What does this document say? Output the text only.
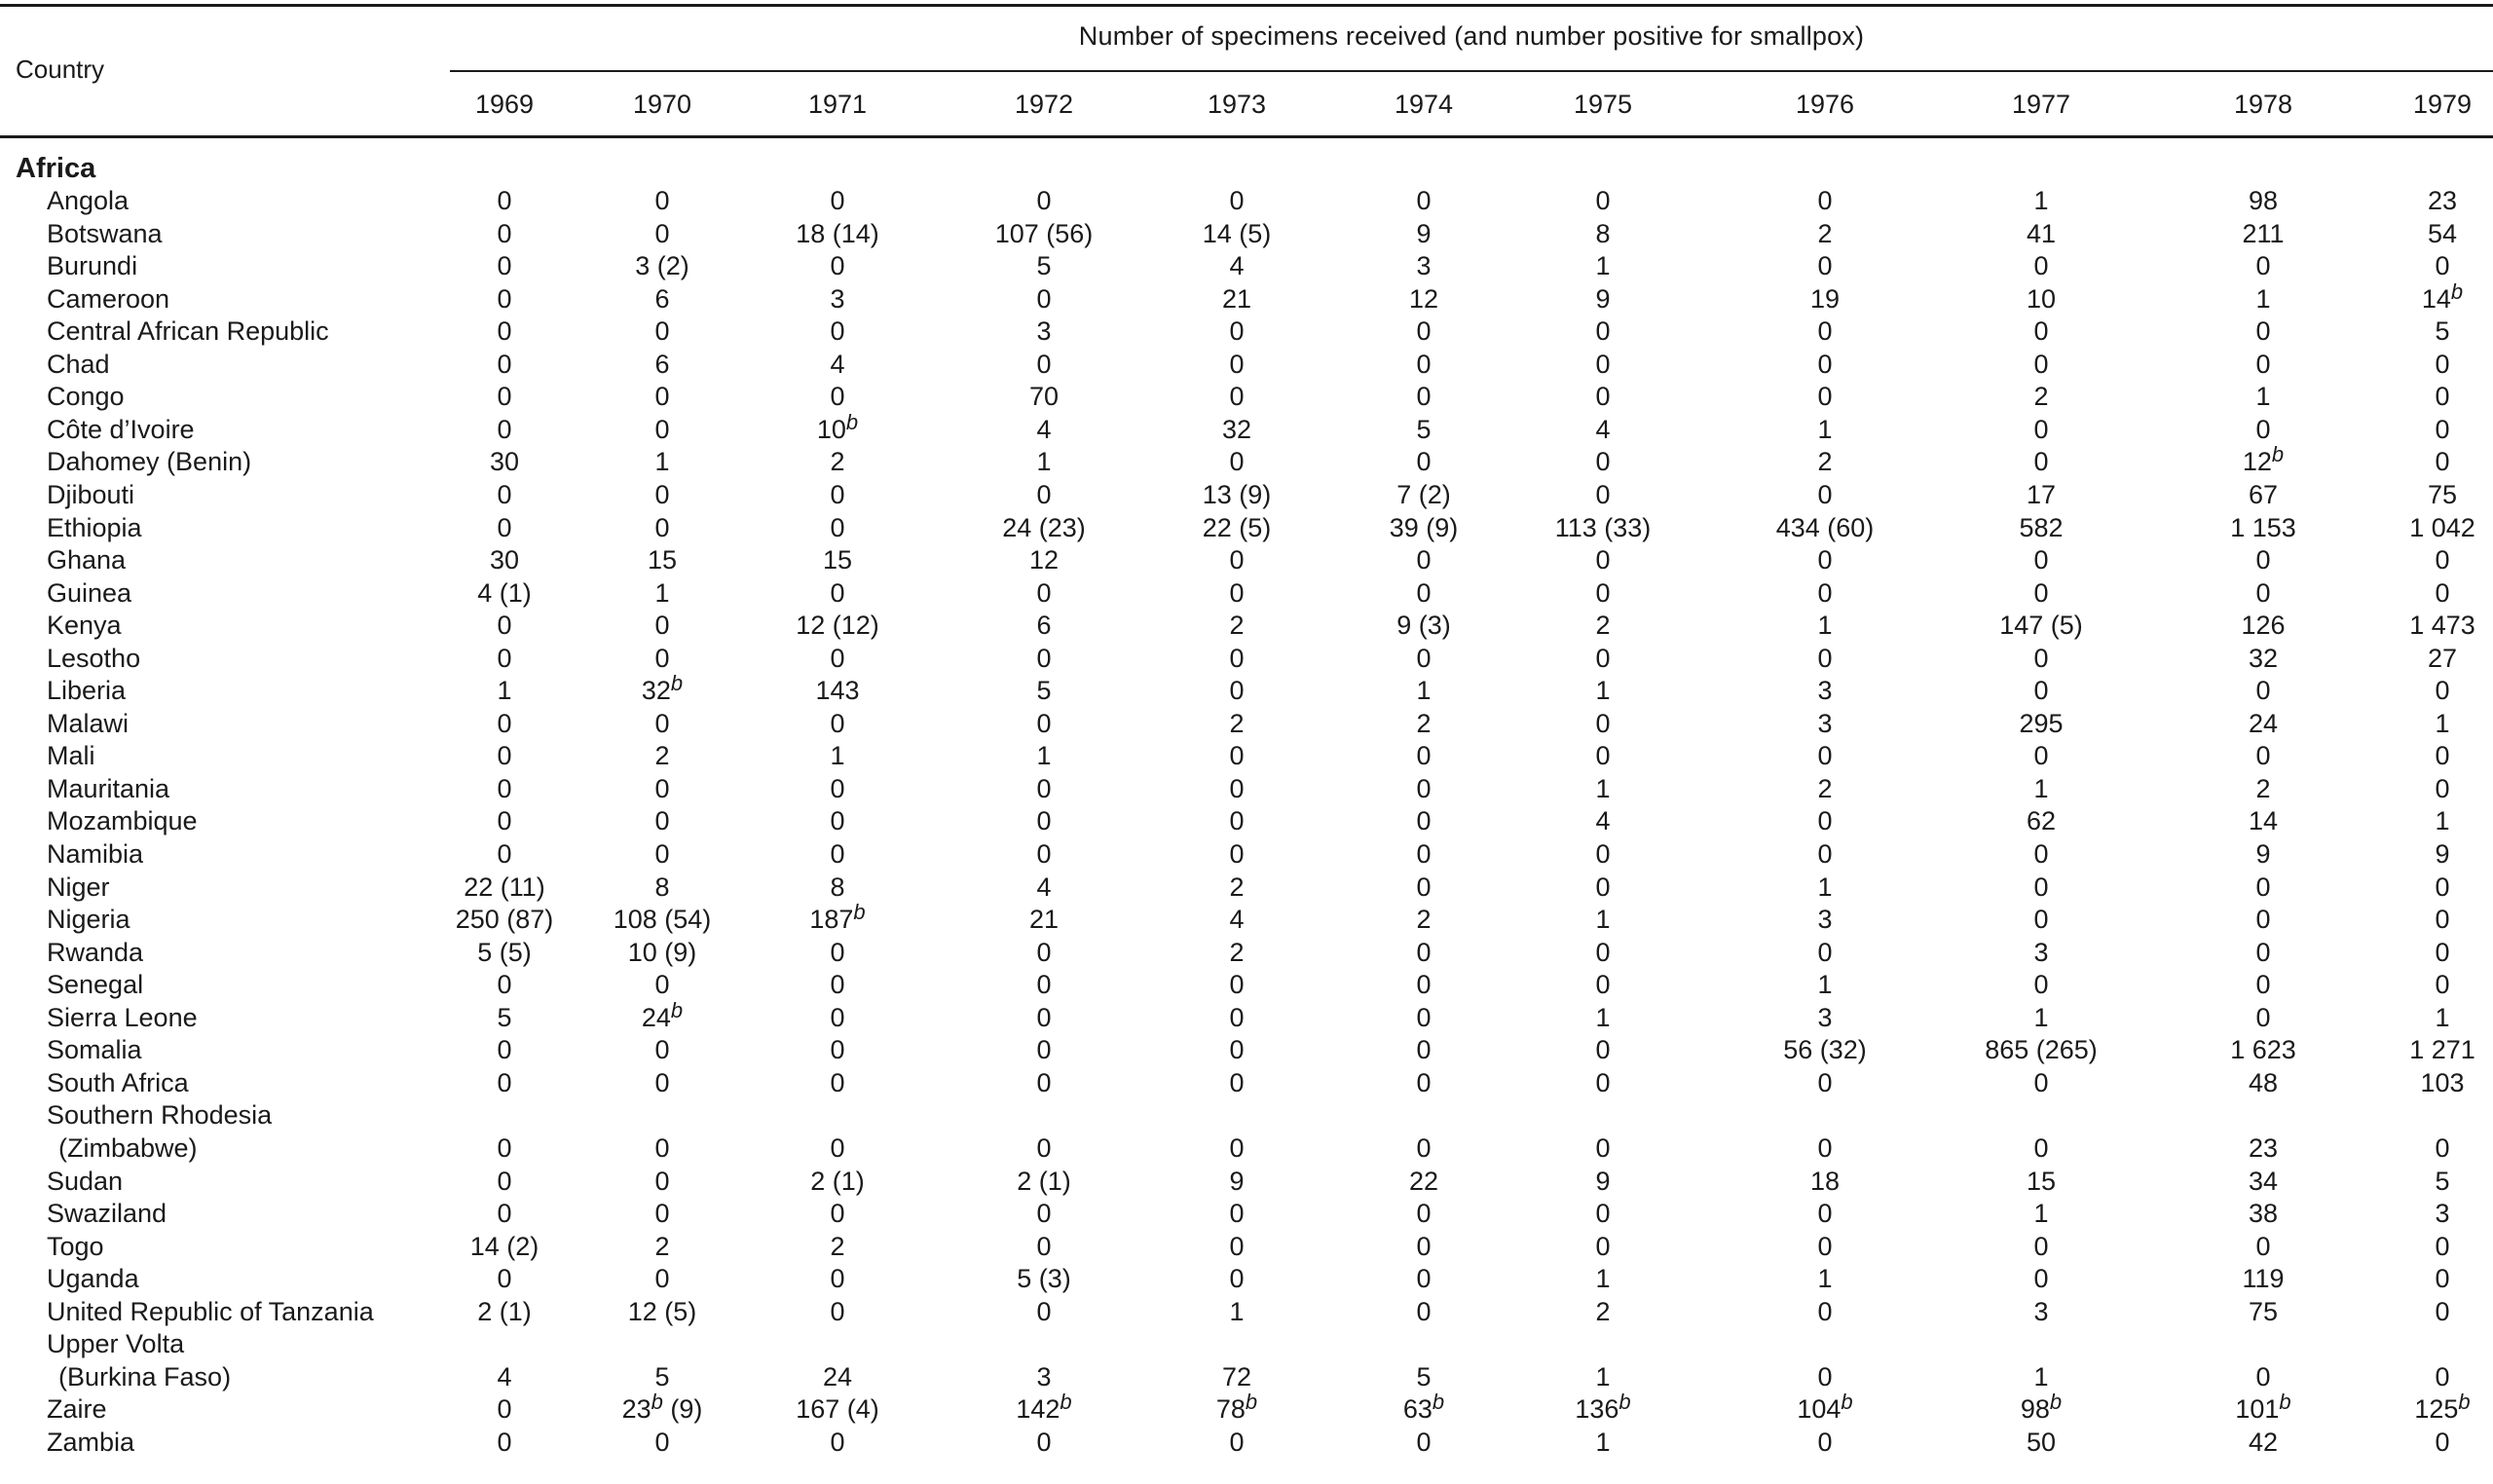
Country
Number of specimens received (and number positive for smallpox)
1969	1970	1971	1972	1973	1974	1975	1976	1977	1978	1979
Africa
Angola	0	0	0	0	0	0	0	0	1	98	23
Botswana	0	0	18 (14)	107 (56)	14 (5)	9	8	2	41	211	54
Burundi	0	3 (2)	0	5	4	3	1	0	0	0	0
Cameroon	0	6	3	0	21	12	9	19	10	1	14$^b$
Central African Republic	0	0	0	3	0	0	0	0	0	0	5
Chad	0	6	4	0	0	0	0	0	0	0	0
Congo	0	0	0	70	0	0	0	0	2	1	0
Côte d’Ivoire	0	0	10$^b$	4	32	5	4	1	0	0	0
Dahomey (Benin)	30	1	2	1	0	0	0	2	0	12$^b$	0
Djibouti	0	0	0	0	13 (9)	7 (2)	0	0	17	67	75
Ethiopia	0	0	0	24 (23)	22 (5)	39 (9)	113 (33)	434 (60)	582	1 153	1 042
Ghana	30	15	15	12	0	0	0	0	0	0	0
Guinea	4 (1)	1	0	0	0	0	0	0	0	0	0
Kenya	0	0	12 (12)	6	2	9 (3)	2	1	147 (5)	126	1 473
Lesotho	0	0	0	0	0	0	0	0	0	32	27
Liberia	1	32$^b$	143	5	0	1	1	3	0	0	0
Malawi	0	0	0	0	2	2	0	3	295	24	1
Mali	0	2	1	1	0	0	0	0	0	0	0
Mauritania	0	0	0	0	0	0	1	2	1	2	0
Mozambique	0	0	0	0	0	0	4	0	62	14	1
Namibia	0	0	0	0	0	0	0	0	0	9	9
Niger	22 (11)	8	8	4	2	0	0	1	0	0	0
Nigeria	250 (87)	108 (54)	187$^b$	21	4	2	1	3	0	0	0
Rwanda	5 (5)	10 (9)	0	0	2	0	0	0	3	0	0
Senegal	0	0	0	0	0	0	0	1	0	0	0
Sierra Leone	5	24$^b$	0	0	0	0	1	3	1	0	1
Somalia	0	0	0	0	0	0	0	56 (32)	865 (265)	1 623	1 271
South Africa	0	0	0	0	0	0	0	0	0	48	103
Southern Rhodesia
(Zimbabwe)	0	0	0	0	0	0	0	0	0	23	0
Sudan	0	0	2 (1)	2 (1)	9	22	9	18	15	34	5
Swaziland	0	0	0	0	0	0	0	0	1	38	3
Togo	14 (2)	2	2	0	0	0	0	0	0	0	0
Uganda	0	0	0	5 (3)	0	0	1	1	0	119	0
United Republic of Tanzania	2 (1)	12 (5)	0	0	1	0	2	0	3	75	0
Upper Volta
(Burkina Faso)	4	5	24	3	72	5	1	0	1	0	0
Zaire	0	23$^b$ (9)	167 (4)	142$^b$	78$^b$	63$^b$	136$^b$	104$^b$	98$^b$	101$^b$	125$^b$
Zambia	0	0	0	0	0	0	1	0	50	42	0
